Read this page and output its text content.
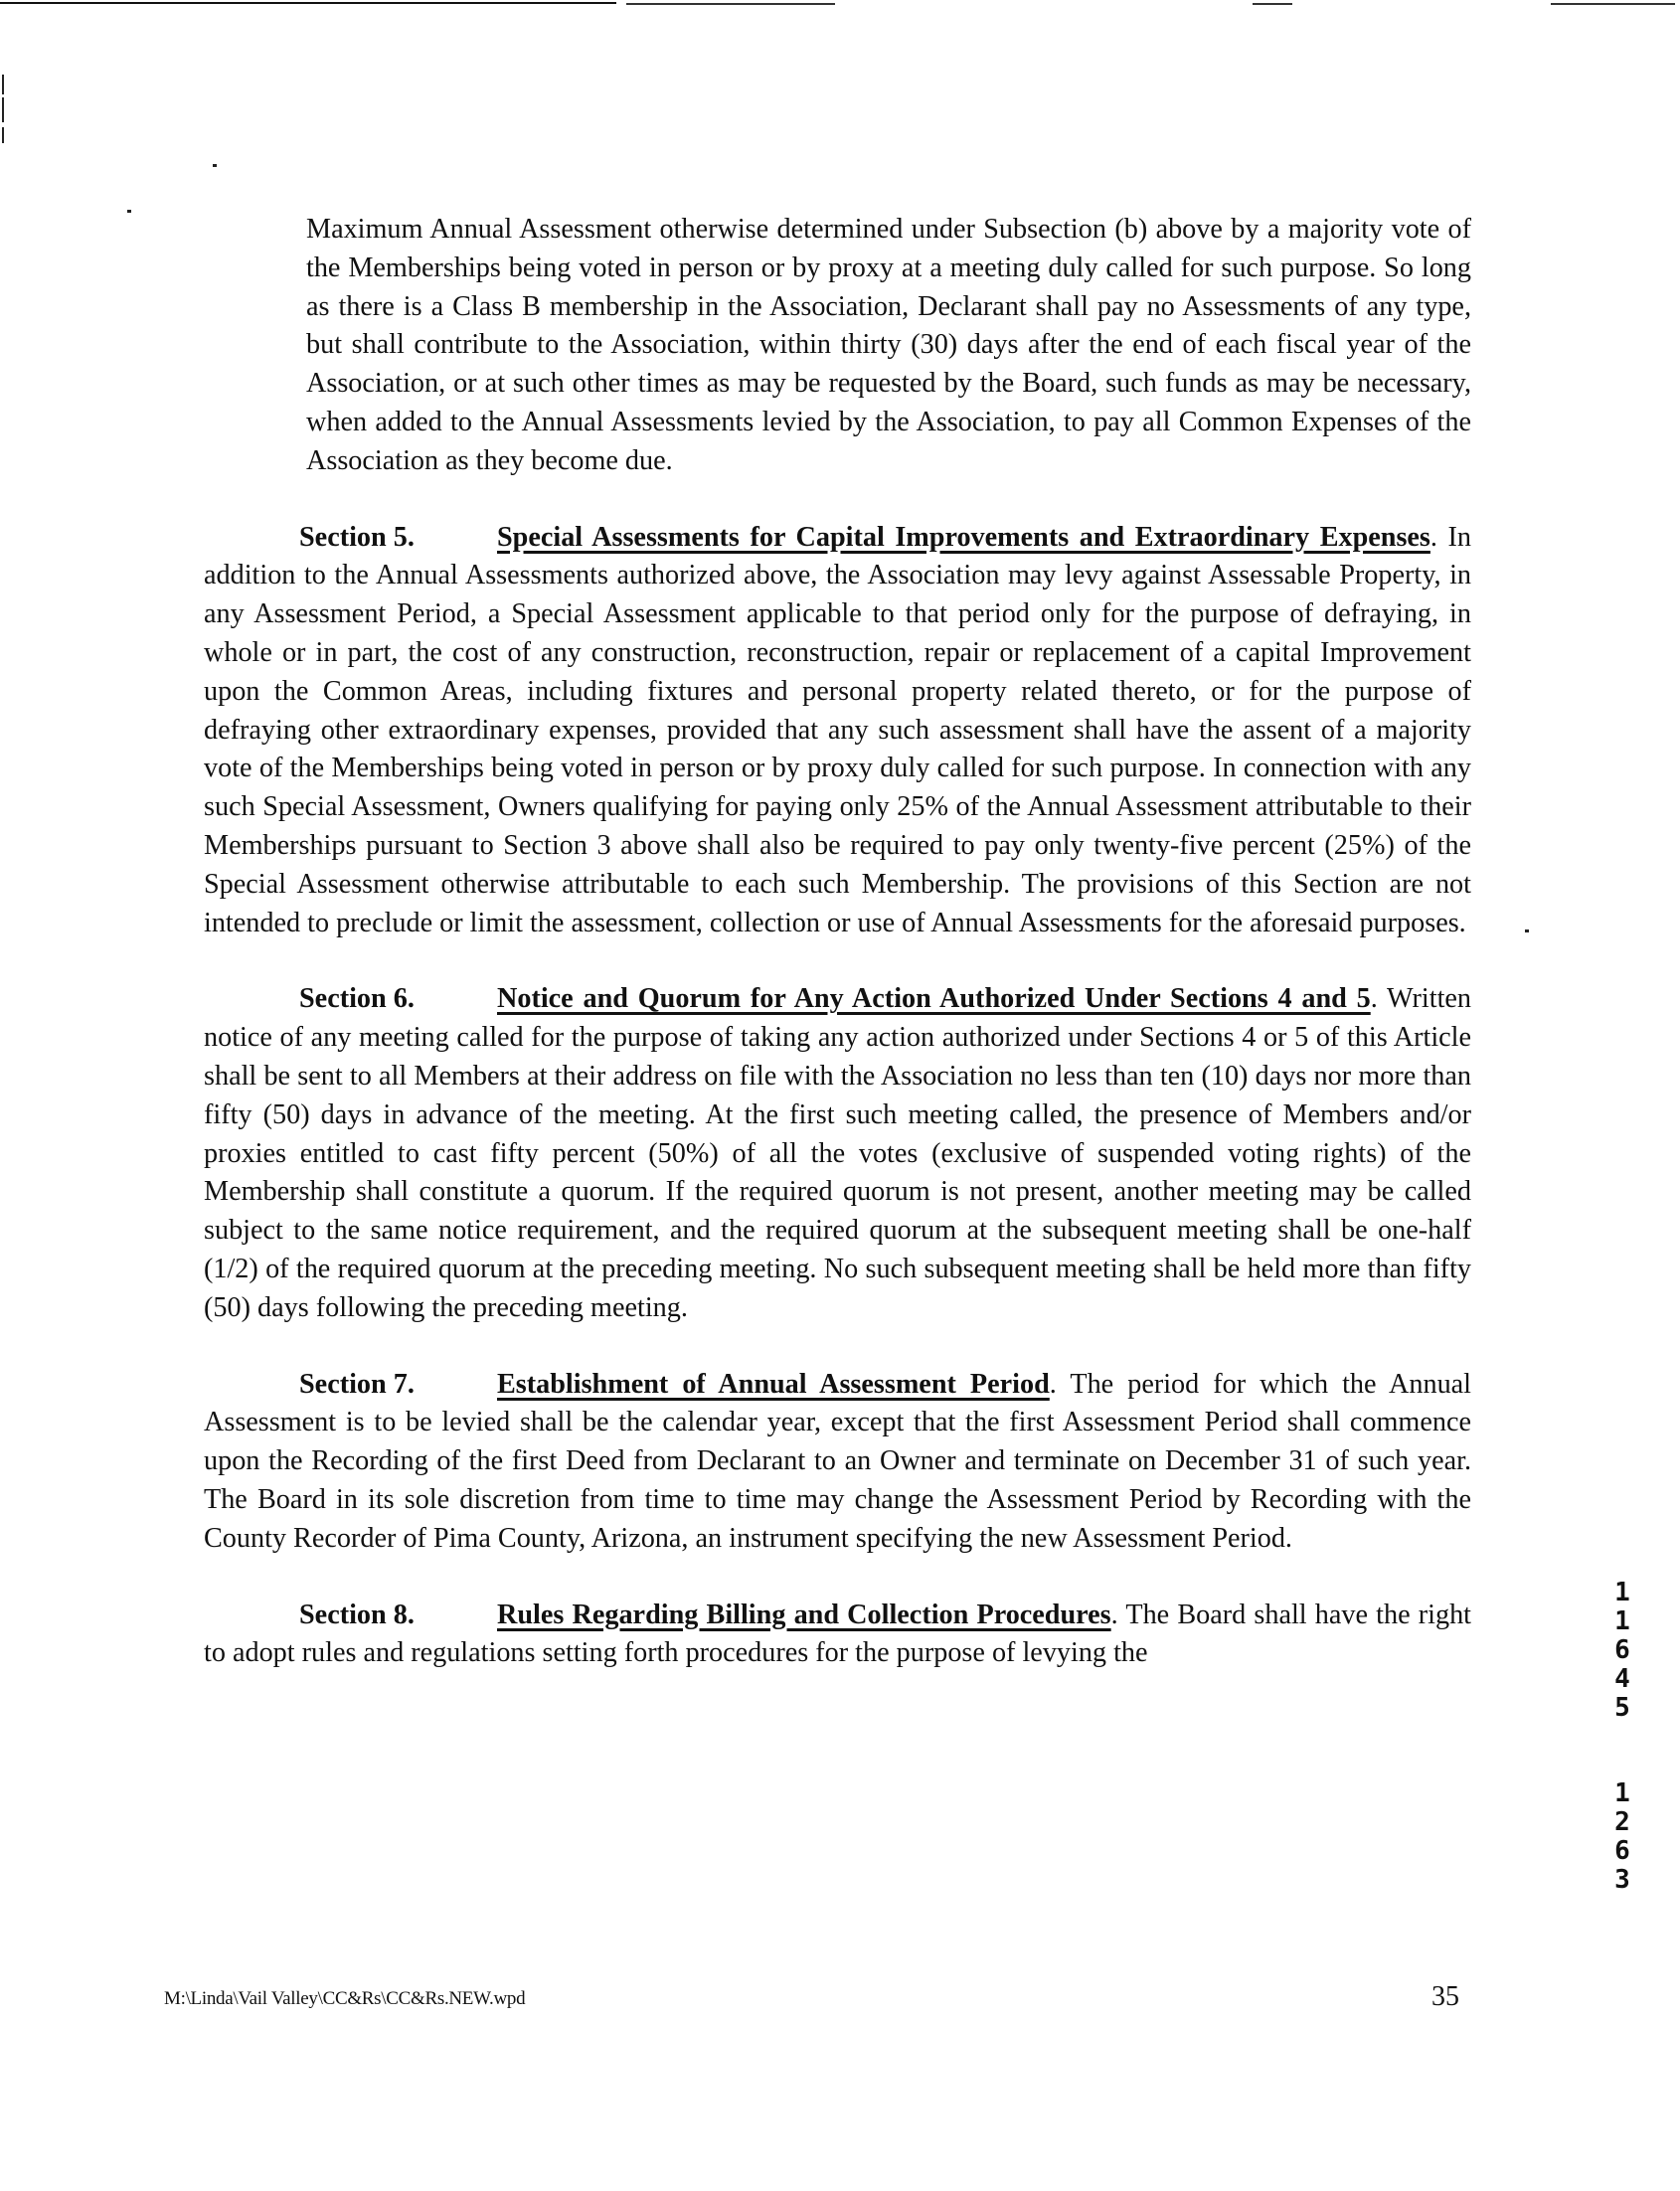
Maximum Annual Assessment otherwise determined under Subsection (b) above by a majority vote of the Memberships being voted in person or by proxy at a meeting duly called for such purpose. So long as there is a Class B membership in the Association, Declarant shall pay no Assessments of any type, but shall contribute to the Association, within thirty (30) days after the end of each fiscal year of the Association, or at such other times as may be requested by the Board, such funds as may be necessary, when added to the Annual Assessments levied by the Association, to pay all Common Expenses of the Association as they become due.

Section 5.	Special Assessments for Capital Improvements and Extraordinary Expenses. In addition to the Annual Assessments authorized above, the Association may levy against Assessable Property, in any Assessment Period, a Special Assessment applicable to that period only for the purpose of defraying, in whole or in part, the cost of any construction, reconstruction, repair or replacement of a capital Improvement upon the Common Areas, including fixtures and personal property related thereto, or for the purpose of defraying other extraordinary expenses, provided that any such assessment shall have the assent of a majority vote of the Memberships being voted in person or by proxy duly called for such purpose. In connection with any such Special Assessment, Owners qualifying for paying only 25% of the Annual Assessment attributable to their Memberships pursuant to Section 3 above shall also be required to pay only twenty-five percent (25%) of the Special Assessment otherwise attributable to each such Membership. The provisions of this Section are not intended to preclude or limit the assessment, collection or use of Annual Assessments for the aforesaid purposes.

Section 6.	Notice and Quorum for Any Action Authorized Under Sections 4 and 5. Written notice of any meeting called for the purpose of taking any action authorized under Sections 4 or 5 of this Article shall be sent to all Members at their address on file with the Association no less than ten (10) days nor more than fifty (50) days in advance of the meeting. At the first such meeting called, the presence of Members and/or proxies entitled to cast fifty percent (50%) of all the votes (exclusive of suspended voting rights) of the Membership shall constitute a quorum. If the required quorum is not present, another meeting may be called subject to the same notice requirement, and the required quorum at the subsequent meeting shall be one-half (1/2) of the required quorum at the preceding meeting. No such subsequent meeting shall be held more than fifty (50) days following the preceding meeting.

Section 7.	Establishment of Annual Assessment Period. The period for which the Annual Assessment is to be levied shall be the calendar year, except that the first Assessment Period shall commence upon the Recording of the first Deed from Declarant to an Owner and terminate on December 31 of such year. The Board in its sole discretion from time to time may change the Assessment Period by Recording with the County Recorder of Pima County, Arizona, an instrument specifying the new Assessment Period.

Section 8.	Rules Regarding Billing and Collection Procedures. The Board shall have the right to adopt rules and regulations setting forth procedures for the purpose of levying the

1
1
6
4
5
1
2
6
3
M:\Linda\Vail Valley\CC&Rs\CC&Rs.NEW.wpd	35
